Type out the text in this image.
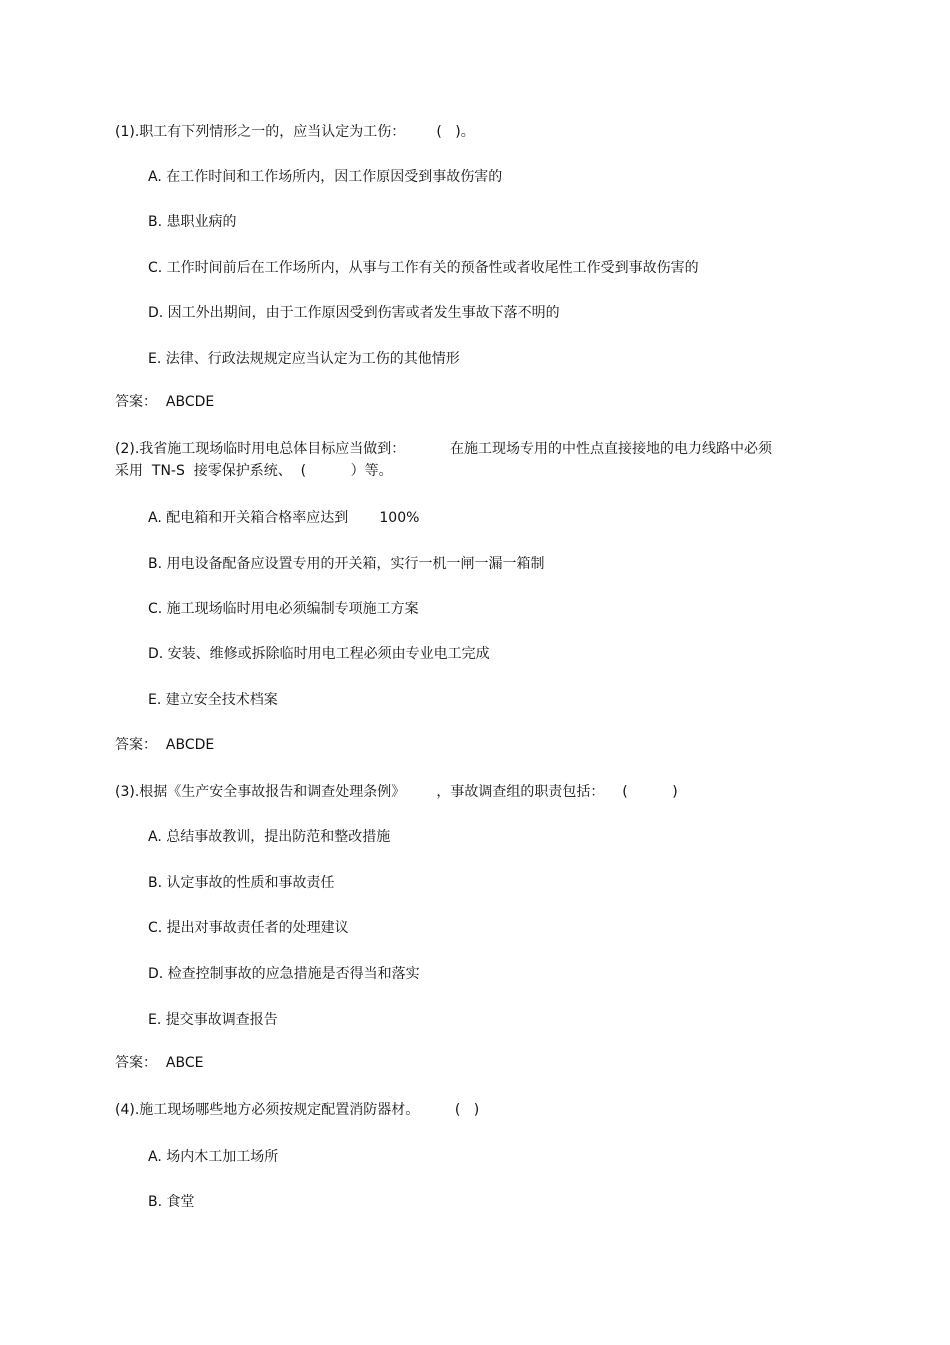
(1).职工有下列情形之一的，应当认定为工伤：       (   )。
A. 在工作时间和工作场所内，因工作原因受到事故伤害的
B. 患职业病的
C. 工作时间前后在工作场所内，从事与工作有关的预备性或者收尾性工作受到事故伤害的
D. 因工外出期间，由于工作原因受到伤害或者发生事故下落不明的
E. 法律、行政法规规定应当认定为工伤的其他情形
答案：  ABCDE
(2).我省施工现场临时用电总体目标应当做到：	在施工现场专用的中性点直接接地的电力线路中必须
采用  TN-S  接零保护系统、  (          ）等。
A. 配电箱和开关箱合格率应达到       100%
B. 用电设备配备应设置专用的开关箱，实行一机一闸一漏一箱制
C. 施工现场临时用电必须编制专项施工方案
D. 安装、维修或拆除临时用电工程必须由专业电工完成
E. 建立安全技术档案
答案：  ABCDE
(3).根据《生产安全事故报告和调查处理条例》       ，事故调查组的职责包括：    (          )
A. 总结事故教训，提出防范和整改措施
B. 认定事故的性质和事故责任
C. 提出对事故责任者的处理建议
D. 检查控制事故的应急措施是否得当和落实
E. 提交事故调查报告
答案：  ABCE
(4).施工现场哪些地方必须按规定配置消防器材。        (   )
A. 场内木工加工场所
B. 食堂
